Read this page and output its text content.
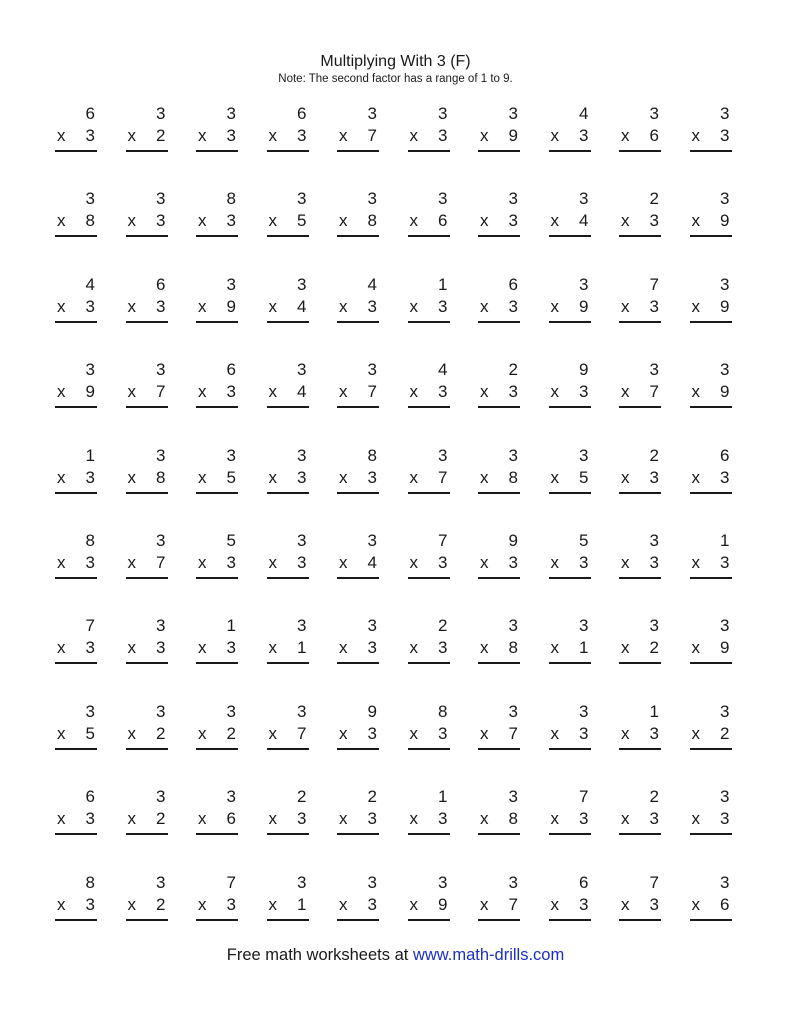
Multiplying With 3 (F)

Note: The second factor has a range of 1 to 9.

6
x 3
3
x 2
3
x 3
6
x 3
3
x 7
3
x 3
3
x 9
4
x 3
3
x 6
3
x 3
3
x 8
3
x 3
8
x 3
3
x 5
3
x 8
3
x 6
3
x 3
3
x 4
2
x 3
3
x 9
4
x 3
6
x 3
3
x 9
3
x 4
4
x 3
1
x 3
6
x 3
3
x 9
7
x 3
3
x 9
3
x 9
3
x 7
6
x 3
3
x 4
3
x 7
4
x 3
2
x 3
9
x 3
3
x 7
3
x 9
1
x 3
3
x 8
3
x 5
3
x 3
8
x 3
3
x 7
3
x 8
3
x 5
2
x 3
6
x 3
8
x 3
3
x 7
5
x 3
3
x 3
3
x 4
7
x 3
9
x 3
5
x 3
3
x 3
1
x 3
7
x 3
3
x 3
1
x 3
3
x 1
3
x 3
2
x 3
3
x 8
3
x 1
3
x 2
3
x 9
3
x 5
3
x 2
3
x 2
3
x 7
9
x 3
8
x 3
3
x 7
3
x 3
1
x 3
3
x 2
6
x 3
3
x 2
3
x 6
2
x 3
2
x 3
1
x 3
3
x 8
7
x 3
2
x 3
3
x 3
8
x 3
3
x 2
7
x 3
3
x 1
3
x 3
3
x 9
3
x 7
6
x 3
7
x 3
3
x 6
Free math worksheets at www.math-drills.com
